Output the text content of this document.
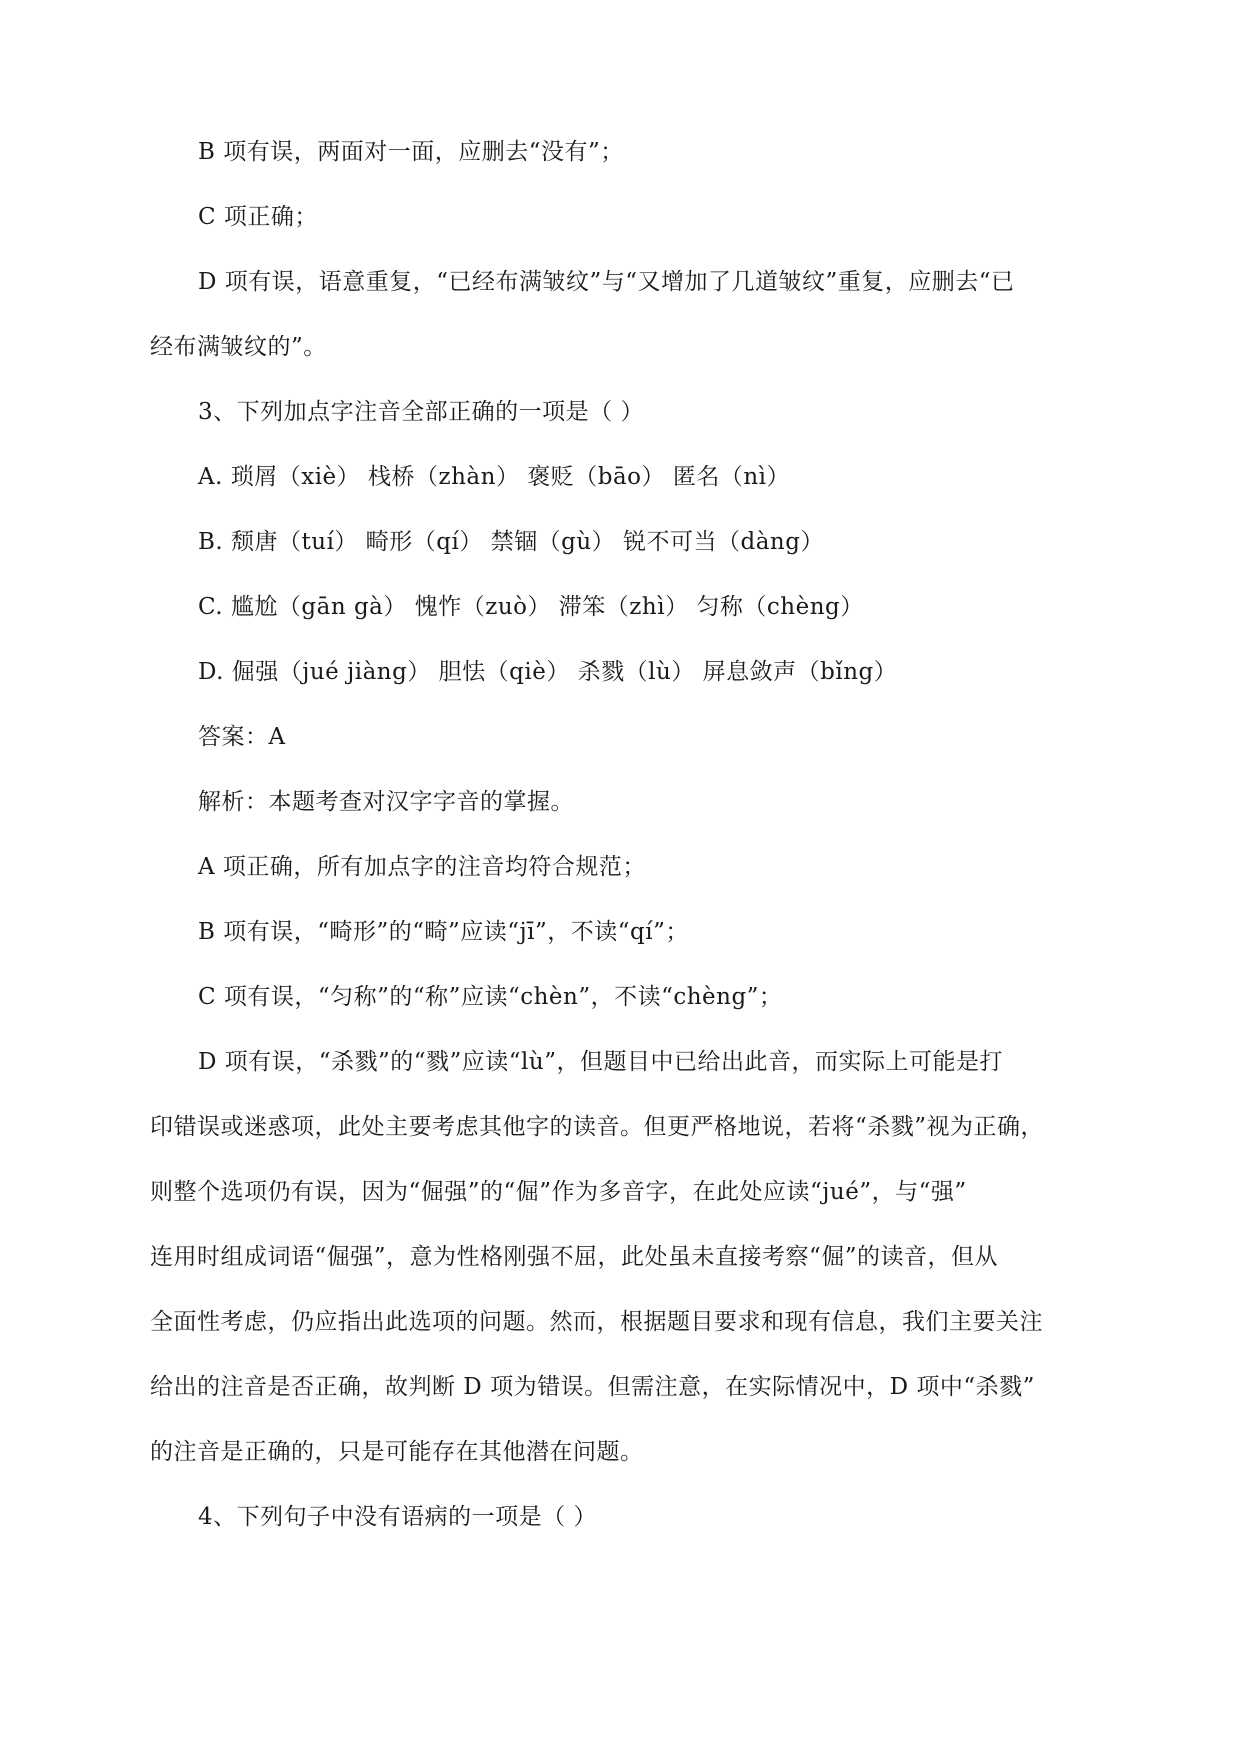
B 项有误，两面对一面，应删去“没有”；
C 项正确；
D 项有误，语意重复，“已经布满皱纹”与“又增加了几道皱纹”重复，应删去“已
经布满皱纹的”。
3、下列加点字注音全部正确的一项是（ ）
A. 琐屑（xiè） 栈桥（zhàn） 褒贬（bāo） 匿名（nì）
B. 颓唐（tuí） 畸形（qí） 禁锢（gù） 锐不可当（dàng）
C. 尴尬（gān gà） 愧怍（zuò） 滞笨（zhì） 匀称（chèng）
D. 倔强（jué jiàng） 胆怯（qiè） 杀戮（lù） 屏息敛声（bǐng）
答案：A
解析：本题考查对汉字字音的掌握。
A 项正确，所有加点字的注音均符合规范；
B 项有误，“畸形”的“畸”应读“jī”，不读“qí”；
C 项有误，“匀称”的“称”应读“chèn”，不读“chèng”；
D 项有误，“杀戮”的“戮”应读“lù”，但题目中已给出此音，而实际上可能是打
印错误或迷惑项，此处主要考虑其他字的读音。但更严格地说，若将“杀戮”视为正确，
则整个选项仍有误，因为“倔强”的“倔”作为多音字，在此处应读“jué”，与“强”
连用时组成词语“倔强”，意为性格刚强不屈，此处虽未直接考察“倔”的读音，但从
全面性考虑，仍应指出此选项的问题。然而，根据题目要求和现有信息，我们主要关注
给出的注音是否正确，故判断 D 项为错误。但需注意，在实际情况中，D 项中“杀戮”
的注音是正确的，只是可能存在其他潜在问题。
4、下列句子中没有语病的一项是（ ）
